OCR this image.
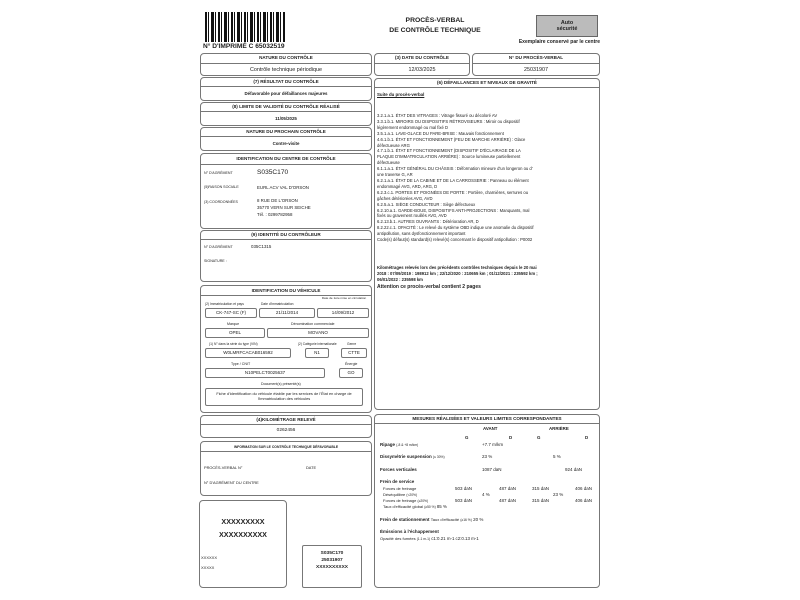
N° D'IMPRIMÉ C 65032519
PROCÈS-VERBAL
DE CONTRÔLE TECHNIQUE
Auto sécurité
Exemplaire conservé par le centre
NATURE DU CONTRÔLE
Contrôle technique périodique
(7) RÉSULTAT DU CONTRÔLE
Défavorable pour défaillances majeures
(8) LIMITE DE VALIDITÉ DU CONTRÔLE RÉALISÉ
11/05/2025
NATURE DU PROCHAIN CONTRÔLE
Contre-visite
IDENTIFICATION DU CENTRE DE CONTRÔLE
N° D'AGRÉMENT	S035C170
(5)RAISON SOCIALE	EURL ACV VAL D'ORSON
(3) COORDONNÉES	8 RUE DE L'ORSON
35770 VERN SUR SEICHE
Tél. : 0299782958
(9) IDENTITÉ DU CONTRÔLEUR
N° D'AGRÉMENT	035C1315
SIGNATURE :
IDENTIFICATION DU VÉHICULE
(2) Immatriculation et pays	Date d'immatriculation
Date de 1ère mise en circulation
CK-747-SC (F)	21/11/2014	14/09/2012
Marque	Dénomination commerciale
OPEL	MOVANO
(1) N° dans la série du type (VIN)	(2) Catégorie internationale	Genre
W0LMRFCACAB016592	N1	CTTE
Type / CNIT	Énergie
N10PELCT0025637	GO
Document(s) présenté(s)
Fiche d'identification du véhicule établie par les services de l'État en charge de l'immatriculation des véhicules
(4)KILOMÉTRAGE RELEVÉ
0262456
INFORMATION SUR LE CONTRÔLE TECHNIQUE DÉFAVORABLE
PROCÈS-VERBAL N°	DATE
N° D'AGRÉMENT DU CENTRE
XXXXXXXXX
XXXXXXXXXX
XXXXXX
XXXXX
S035C170
25031907
XXXXXXXXXX
(3) DATE DU CONTRÔLE
12/03/2025
N° DU PROCÈS-VERBAL
25031907
(6) DÉFAILLANCES ET NIVEAUX DE GRAVITÉ
Suite du procès-verbal
3.2.1.a.1. ÉTAT DES VITRAGES : Vitrage fissuré ou décoloré AV
3.3.1.b.1. MIROIRS OU DISPOSITIFS RÉTROVISEURS : Miroir ou dispositif
légèrement endommagé ou mal fixé D
3.5.1.a.1. LAVE-GLACE DU PARE-BRISE : Mauvais fonctionnement
4.6.1.b.1. ÉTAT ET FONCTIONNEMENT (FEU DE MARCHE ARRIÈRE) : Glace
défectueuse ARG
4.7.1.b.1. ÉTAT ET FONCTIONNEMENT (DISPOSITIF D'ÉCLAIRAGE DE LA
PLAQUE D'IMMATRICULATION ARRIÈRE) : Source lumineuse partiellement
défectueuse
6.1.1.a.1. ÉTAT GÉNÉRAL DU CHÂSSIS : Déformation mineure d'un longeron ou d'
une traverse G, AR
6.2.1.a.1. ÉTAT DE LA CABINE ET DE LA CARROSSERIE : Panneau ou élément
endommagé AVG, ARD, ARG, D
6.2.3.c.1. PORTES ET POIGNÉES DE PORTE : Portière, charnières, serrures ou
gâches détériorées AVG, AVD
6.2.5.a.1. SIÈGE CONDUCTEUR : Siège défectueux
6.2.10.a.1. GARDE-BOUE, DISPOSITIFS ANTI-PROJECTIONS : Manquants, mal
fixés ou gravement rouillés AVG, AVD
6.2.13.b.1. AUTRES OUVRANTS : Détérioration AR, D
8.2.22.c.1. OPACITÉ : Le relevé du système OBD indique une anomalie du dispositif
antipollution, sans dysfonctionnement important
Code(s) défaut(s) standard(s) relevé(s) concernant le dispositif antipollution : P0002
Kilométrages relevés lors des précédents contrôles techniques depuis le 20 mai
2018 : 07/09/2019 : 198912 km ; 22/12/2020 : 210655 km ; 01/12/2021 : 235592 km ;
06/01/2022 : 235598 km
Attention ce procès-verbal contient 2 pages
MESURES RÉALISÉES ET VALEURS LIMITES CORRESPONDANTES
AVANT	ARRIÈRE
G	D	G	D
Ripage (-8 & +8 m/km)	+7.7 m/km
Dissymétrie suspension (≤ 30%)	23 %	5 %
Forces verticales	1087 daN	924 daN
Frein de service
Forces de freinage	503 daN	487 daN	315 daN	406 daN
Déséquilibre (<20%)	4 %	23 %
Forces de freinage (≥20%)	503 daN	487 daN	315 daN	406 daN
Taux d'efficacité global (≥50 %) 85 %
Frein de stationnement Taux d'efficacité (≥16 %) 20 %
Émissions à l'échappement
Opacité des fumées (1.1 m-1) c1:0.21 m-1 c2:0.13 m-1
